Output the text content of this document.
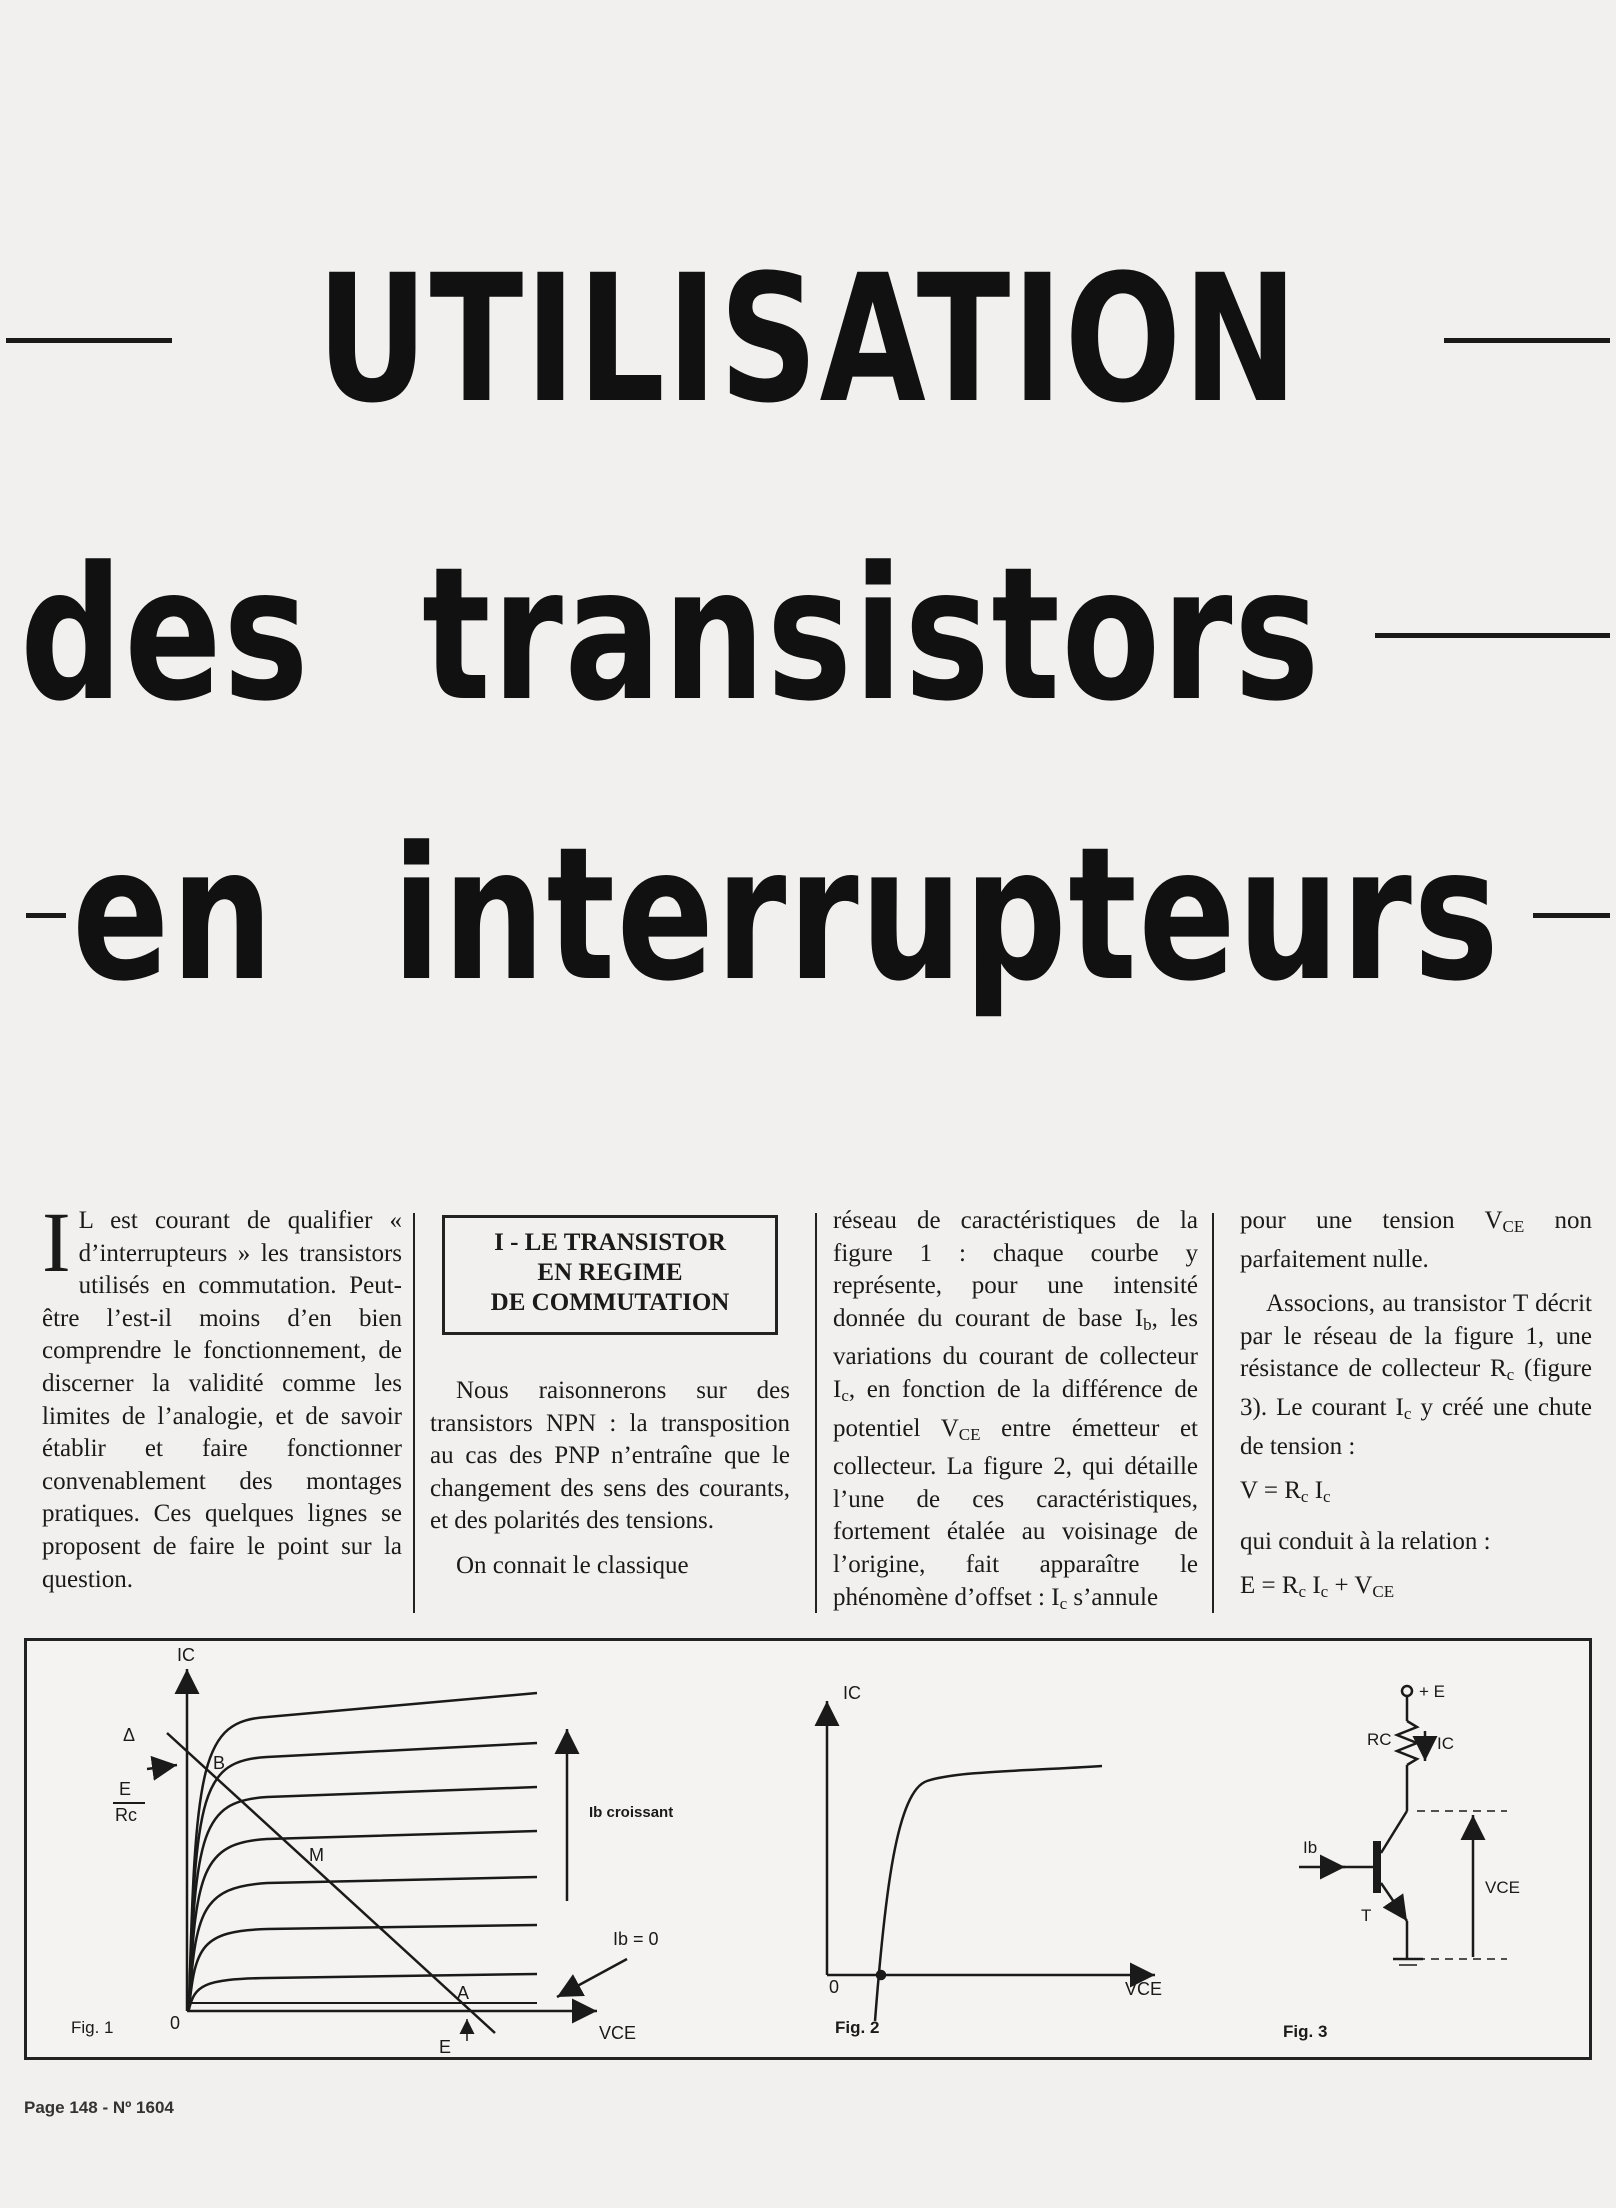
UTILISATION
des transistors
en interrupteurs
I L est courant de qualifier « d’interrupteurs » les transistors utilisés en commutation. Peut-être l’est-il moins d’en bien comprendre le fonctionnement, de discerner la validité comme les limites de l’analogie, et de savoir établir et faire fonctionner convenablement des montages pratiques. Ces quelques lignes se proposent de faire le point sur la question.
I - LE TRANSISTOR
EN REGIME
DE COMMUTATION

Nous raisonnerons sur des transistors NPN : la transposition au cas des PNP n’entraîne que le changement des sens des courants, et des polarités des tensions.

On connait le classique

réseau de caractéristiques de la figure 1 : chaque courbe y représente, pour une intensité donnée du courant de base $I_b$, les variations du courant de collecteur $I_c$, en fonction de la différence de potentiel $V_{CE}$ entre émetteur et collecteur. La figure 2, qui détaille l’une de ces caractéristiques, fortement étalée au voisinage de l’origine, fait apparaître le phénomène d’offset : $I_c$ s’annule

pour une tension $V_{CE}$ non parfaitement nulle.

Associons, au transistor T décrit par le réseau de la figure 1, une résistance de collecteur $R_c$ (figure 3). Le courant $I_c$ y créé une chute de tension :

$V = R_c$ $I_c$

qui conduit à la relation :

$E = R_c$ $I_c + V_{CE}$

IC
VCE
Δ
E
Rc
B
M
A
E
0
Ib croissant
Ib = 0
Fig. 1
IC
VCE
0
Fig. 2
+ E
RC	IC
Ib
T
VCE
Fig. 3
Page 148 - Nº 1604
